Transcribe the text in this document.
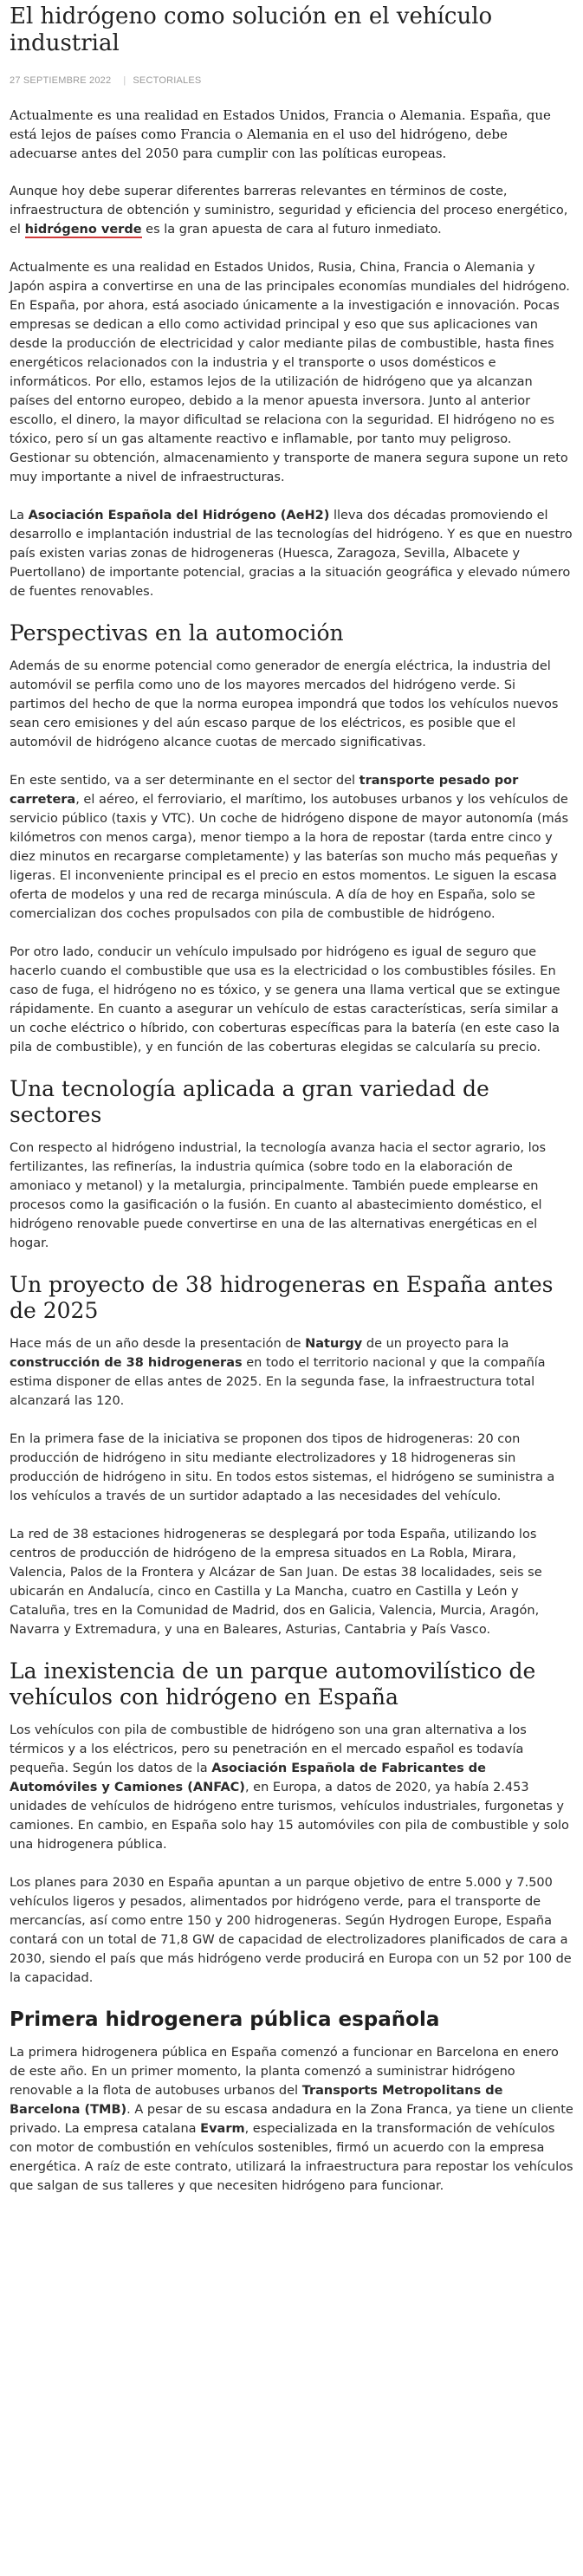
El hidrógeno como solución en el vehículo industrial
27 SEPTIEMBRE 2022 | SECTORIALES

Actualmente es una realidad en Estados Unidos, Francia o Alemania. España, que está lejos de países como Francia o Alemania en el uso del hidrógeno, debe adecuarse antes del 2050 para cumplir con las políticas europeas.

Aunque hoy debe superar diferentes barreras relevantes en términos de coste, infraestructura de obtención y suministro, seguridad y eficiencia del proceso energético, el hidrógeno verde es la gran apuesta de cara al futuro inmediato.

Actualmente es una realidad en Estados Unidos, Rusia, China, Francia o Alemania y Japón aspira a convertirse en una de las principales economías mundiales del hidrógeno. En España, por ahora, está asociado únicamente a la investigación e innovación. Pocas empresas se dedican a ello como actividad principal y eso que sus aplicaciones van desde la producción de electricidad y calor mediante pilas de combustible, hasta fines energéticos relacionados con la industria y el transporte o usos domésticos e informáticos. Por ello, estamos lejos de la utilización de hidrógeno que ya alcanzan países del entorno europeo, debido a la menor apuesta inversora. Junto al anterior escollo, el dinero, la mayor dificultad se relaciona con la seguridad. El hidrógeno no es tóxico, pero sí un gas altamente reactivo e inflamable, por tanto muy peligroso. Gestionar su obtención, almacenamiento y transporte de manera segura supone un reto muy importante a nivel de infraestructuras.

La Asociación Española del Hidrógeno (AeH2) lleva dos décadas promoviendo el desarrollo e implantación industrial de las tecnologías del hidrógeno. Y es que en nuestro país existen varias zonas de hidrogeneras (Huesca, Zaragoza, Sevilla, Albacete y Puertollano) de importante potencial, gracias a la situación geográfica y elevado número de fuentes renovables.

Perspectivas en la automoción

Además de su enorme potencial como generador de energía eléctrica, la industria del automóvil se perfila como uno de los mayores mercados del hidrógeno verde. Si partimos del hecho de que la norma europea impondrá que todos los vehículos nuevos sean cero emisiones y del aún escaso parque de los eléctricos, es posible que el automóvil de hidrógeno alcance cuotas de mercado significativas.

En este sentido, va a ser determinante en el sector del transporte pesado por carretera, el aéreo, el ferroviario, el marítimo, los autobuses urbanos y los vehículos de servicio público (taxis y VTC). Un coche de hidrógeno dispone de mayor autonomía (más kilómetros con menos carga), menor tiempo a la hora de repostar (tarda entre cinco y diez minutos en recargarse completamente) y las baterías son mucho más pequeñas y ligeras. El inconveniente principal es el precio en estos momentos. Le siguen la escasa oferta de modelos y una red de recarga minúscula. A día de hoy en España, solo se comercializan dos coches propulsados con pila de combustible de hidrógeno.

Por otro lado, conducir un vehículo impulsado por hidrógeno es igual de seguro que hacerlo cuando el combustible que usa es la electricidad o los combustibles fósiles. En caso de fuga, el hidrógeno no es tóxico, y se genera una llama vertical que se extingue rápidamente. En cuanto a asegurar un vehículo de estas características, sería similar a un coche eléctrico o híbrido, con coberturas específicas para la batería (en este caso la pila de combustible), y en función de las coberturas elegidas se calcularía su precio.

Una tecnología aplicada a gran variedad de sectores

Con respecto al hidrógeno industrial, la tecnología avanza hacia el sector agrario, los fertilizantes, las refinerías, la industria química (sobre todo en la elaboración de amoniaco y metanol) y la metalurgia, principalmente. También puede emplearse en procesos como la gasificación o la fusión. En cuanto al abastecimiento doméstico, el hidrógeno renovable puede convertirse en una de las alternativas energéticas en el hogar.

Un proyecto de 38 hidrogeneras en España antes de 2025

Hace más de un año desde la presentación de Naturgy de un proyecto para la construcción de 38 hidrogeneras en todo el territorio nacional y que la compañía estima disponer de ellas antes de 2025. En la segunda fase, la infraestructura total alcanzará las 120.

En la primera fase de la iniciativa se proponen dos tipos de hidrogeneras: 20 con producción de hidrógeno in situ mediante electrolizadores y 18 hidrogeneras sin producción de hidrógeno in situ. En todos estos sistemas, el hidrógeno se suministra a los vehículos a través de un surtidor adaptado a las necesidades del vehículo.

La red de 38 estaciones hidrogeneras se desplegará por toda España, utilizando los centros de producción de hidrógeno de la empresa situados en La Robla, Mirara, Valencia, Palos de la Frontera y Alcázar de San Juan. De estas 38 localidades, seis se ubicarán en Andalucía, cinco en Castilla y La Mancha, cuatro en Castilla y León y Cataluña, tres en la Comunidad de Madrid, dos en Galicia, Valencia, Murcia, Aragón, Navarra y Extremadura, y una en Baleares, Asturias, Cantabria y País Vasco.

La inexistencia de un parque automovilístico de vehículos con hidrógeno en España

Los vehículos con pila de combustible de hidrógeno son una gran alternativa a los térmicos y a los eléctricos, pero su penetración en el mercado español es todavía pequeña. Según los datos de la Asociación Española de Fabricantes de Automóviles y Camiones (ANFAC), en Europa, a datos de 2020, ya había 2.453 unidades de vehículos de hidrógeno entre turismos, vehículos industriales, furgonetas y camiones. En cambio, en España solo hay 15 automóviles con pila de combustible y solo una hidrogenera pública.

Los planes para 2030 en España apuntan a un parque objetivo de entre 5.000 y 7.500 vehículos ligeros y pesados, alimentados por hidrógeno verde, para el transporte de mercancías, así como entre 150 y 200 hidrogeneras. Según Hydrogen Europe, España contará con un total de 71,8 GW de capacidad de electrolizadores planificados de cara a 2030, siendo el país que más hidrógeno verde producirá en Europa con un 52 por 100 de la capacidad.

Primera hidrogenera pública española

La primera hidrogenera pública en España comenzó a funcionar en Barcelona en enero de este año. En un primer momento, la planta comenzó a suministrar hidrógeno renovable a la flota de autobuses urbanos del Transports Metropolitans de Barcelona (TMB). A pesar de su escasa andadura en la Zona Franca, ya tiene un cliente privado. La empresa catalana Evarm, especializada en la transformación de vehículos con motor de combustión en vehículos sostenibles, firmó un acuerdo con la empresa energética. A raíz de este contrato, utilizará la infraestructura para repostar los vehículos que salgan de sus talleres y que necesiten hidrógeno para funcionar.
